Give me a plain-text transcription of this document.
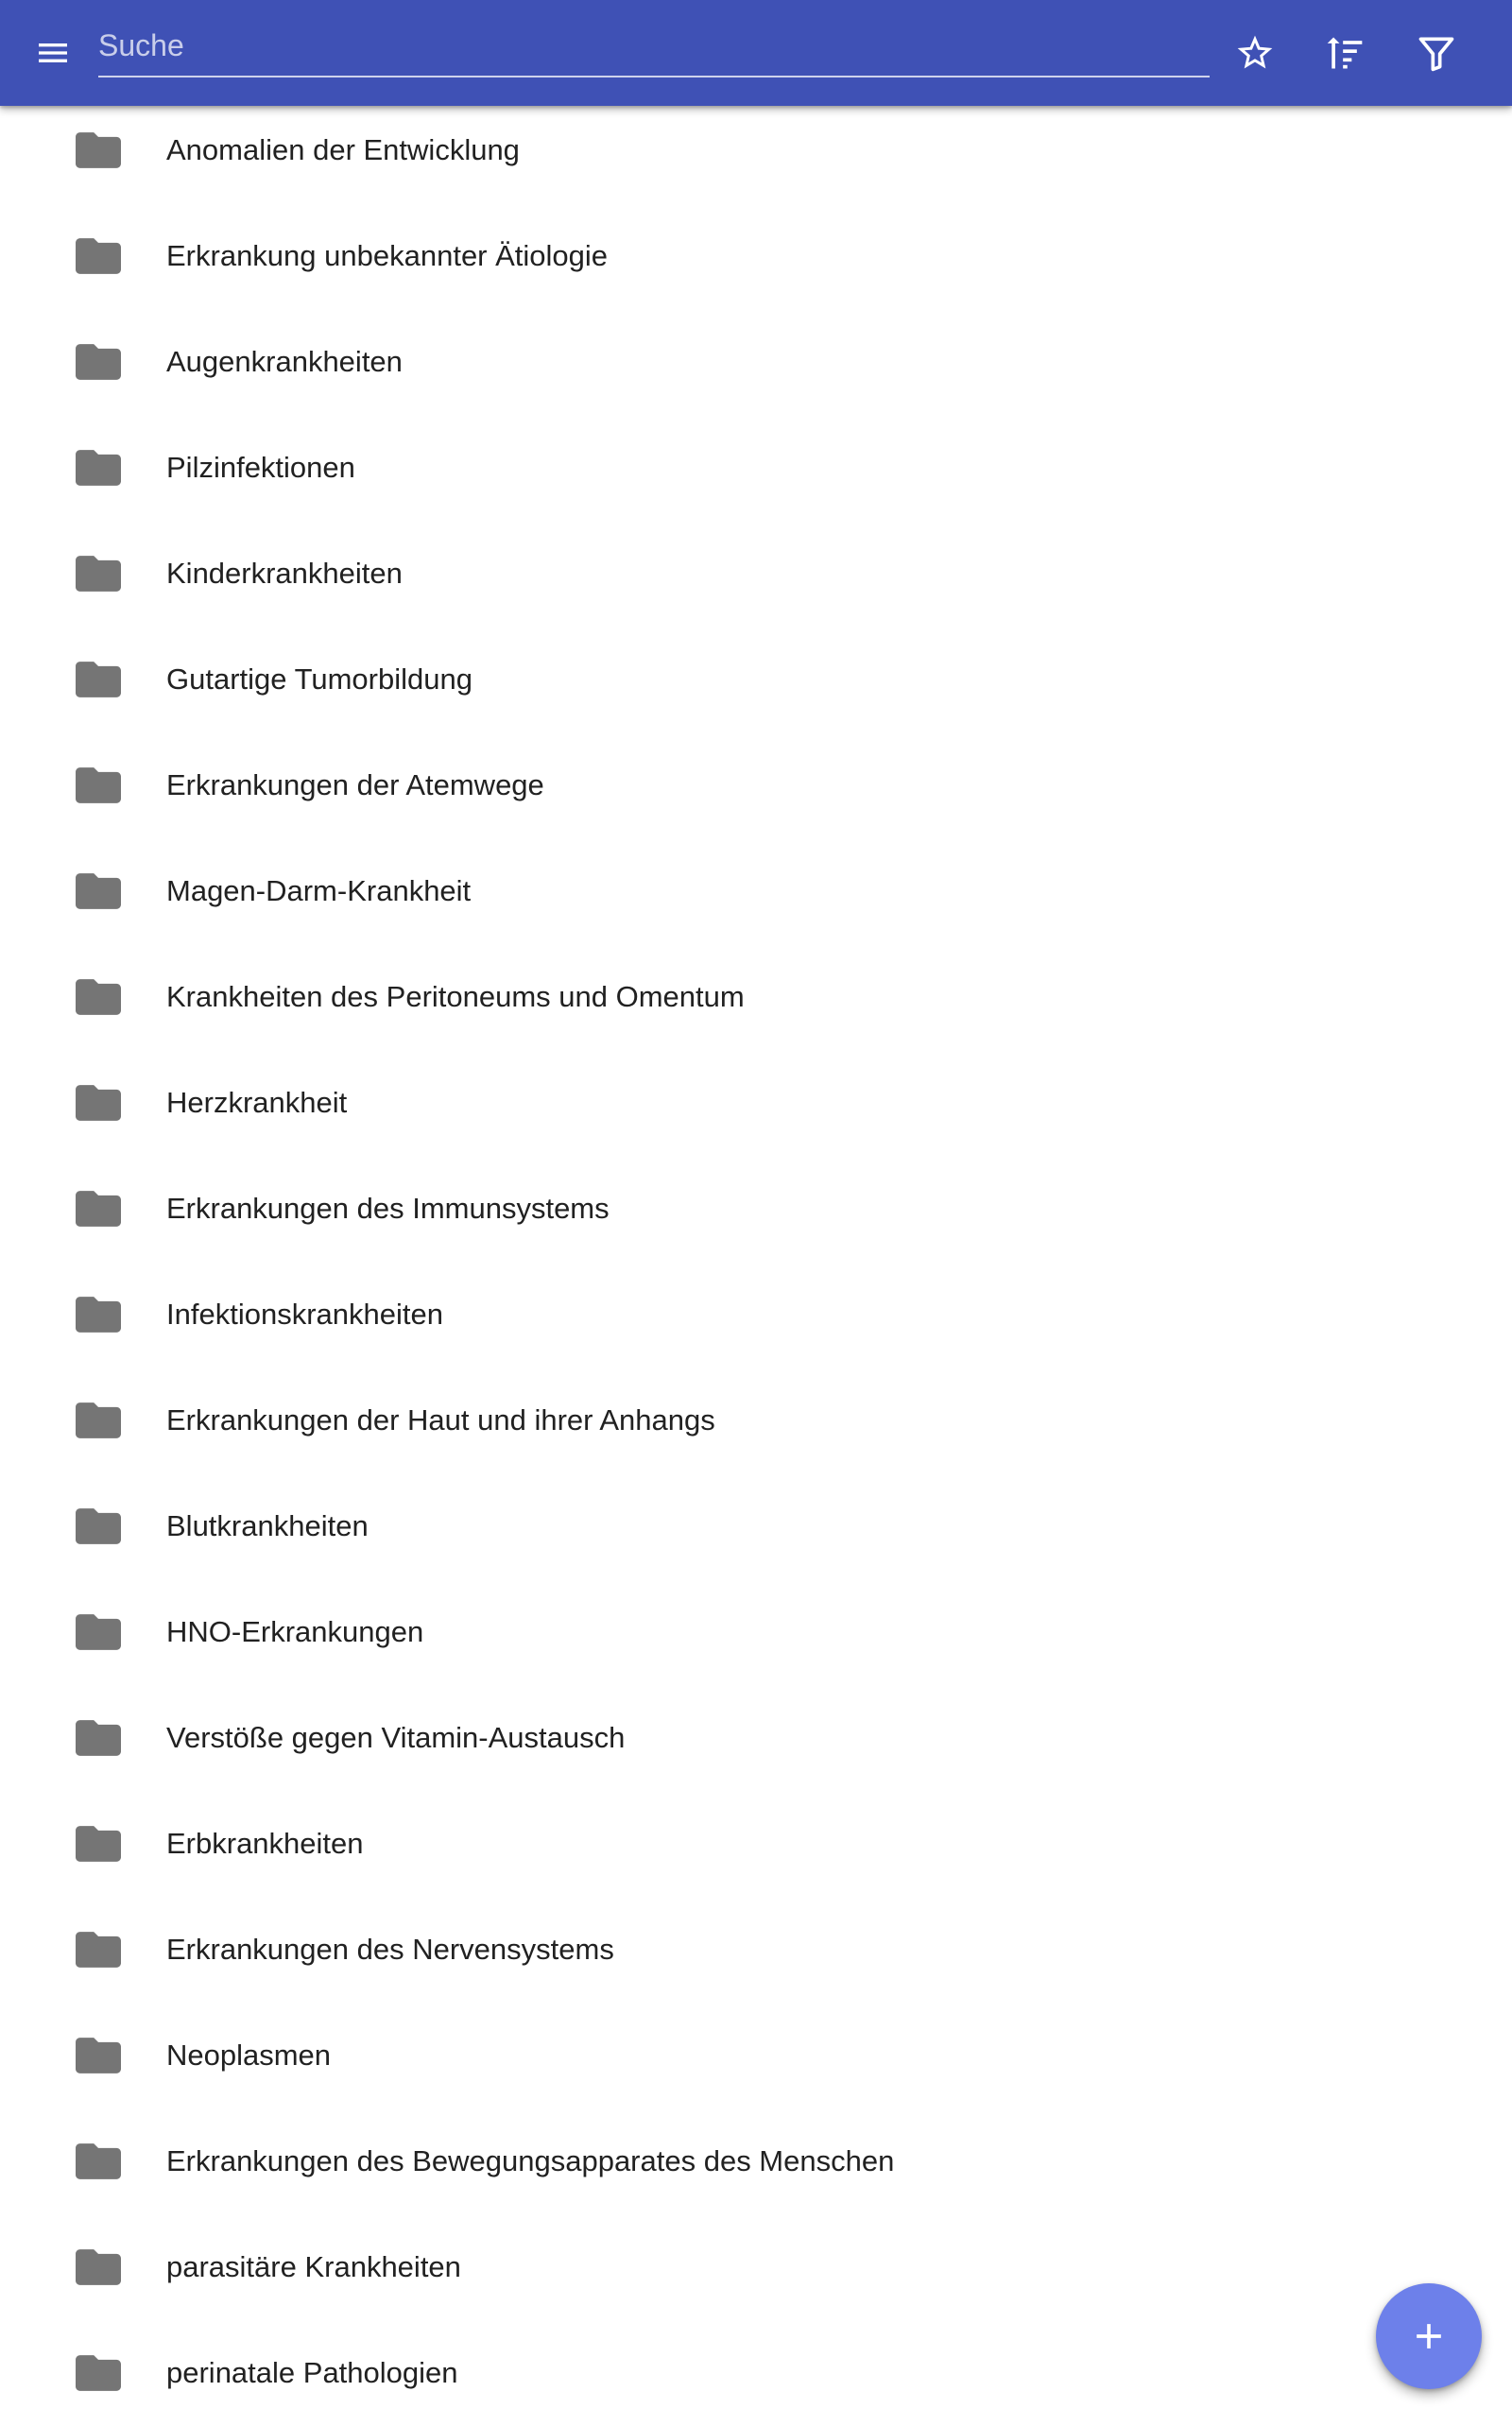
Suche
Anomalien der Entwicklung
Erkrankung unbekannter Ätiologie
Augenkrankheiten
Pilzinfektionen
Kinderkrankheiten
Gutartige Tumorbildung
Erkrankungen der Atemwege
Magen-Darm-Krankheit
Krankheiten des Peritoneums und Omentum
Herzkrankheit
Erkrankungen des Immunsystems
Infektionskrankheiten
Erkrankungen der Haut und ihrer Anhangs
Blutkrankheiten
HNO-Erkrankungen
Verstöße gegen Vitamin-Austausch
Erbkrankheiten
Erkrankungen des Nervensystems
Neoplasmen
Erkrankungen des Bewegungsapparates des Menschen
parasitäre Krankheiten
perinatale Pathologien
